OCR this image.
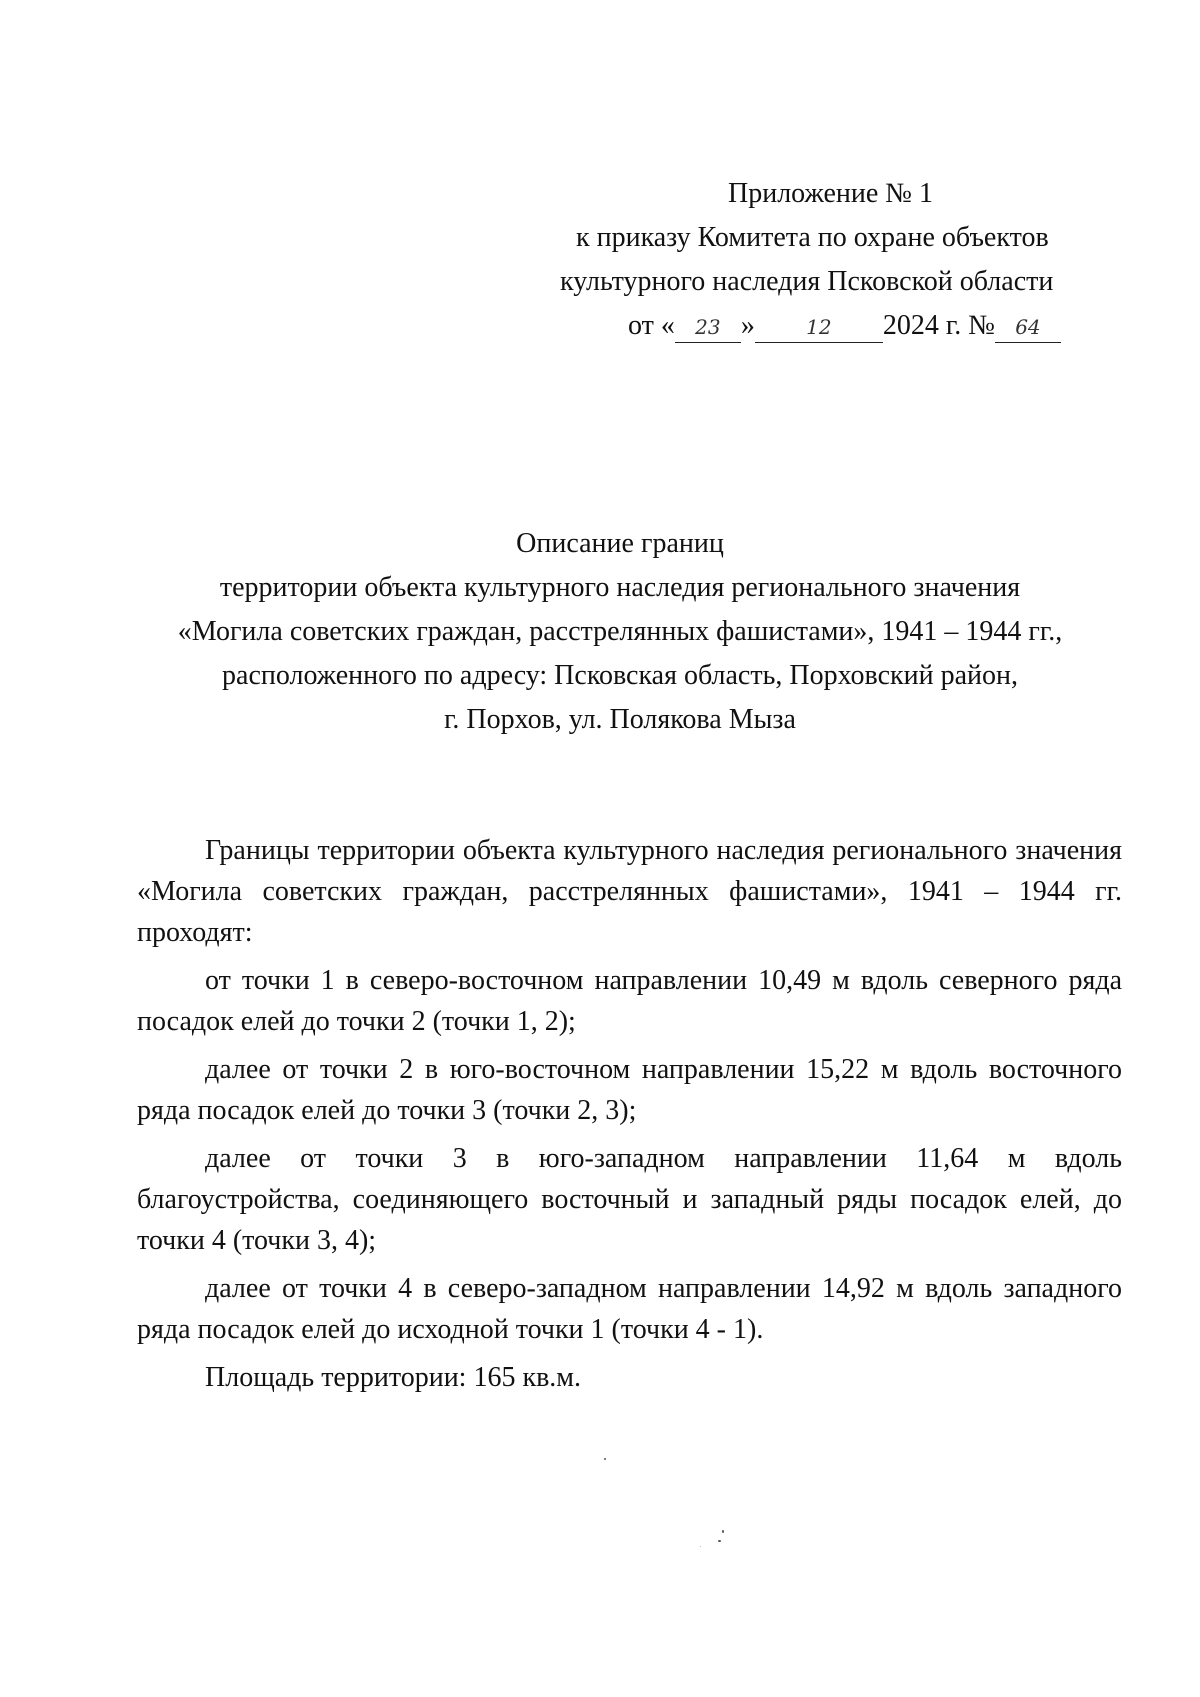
Приложение № 1
к приказу Комитета по охране объектов
культурного наследия Псковской области
от « 23 »	12 2024 г. № 64
Описание границ
территории объекта культурного наследия регионального значения
«Могила советских граждан, расстрелянных фашистами», 1941 – 1944 гг.,
расположенного по адресу: Псковская область, Порховский район,
г. Порхов, ул. Полякова Мыза

Границы территории объекта культурного наследия регионального значения «Могила советских граждан, расстрелянных фашистами», 1941 – 1944 гг. проходят:

от точки 1 в северо-восточном направлении 10,49 м вдоль северного ряда посадок елей до точки 2 (точки 1, 2);

далее от точки 2 в юго-восточном направлении 15,22 м вдоль восточного ряда посадок елей до точки 3 (точки 2, 3);

далее от точки 3 в юго-западном направлении 11,64 м вдоль благоустройства, соединяющего восточный и западный ряды посадок елей, до точки 4 (точки 3, 4);

далее от точки 4 в северо-западном направлении 14,92 м вдоль западного ряда посадок елей до исходной точки 1 (точки 4 - 1).

Площадь территории: 165 кв.м.
